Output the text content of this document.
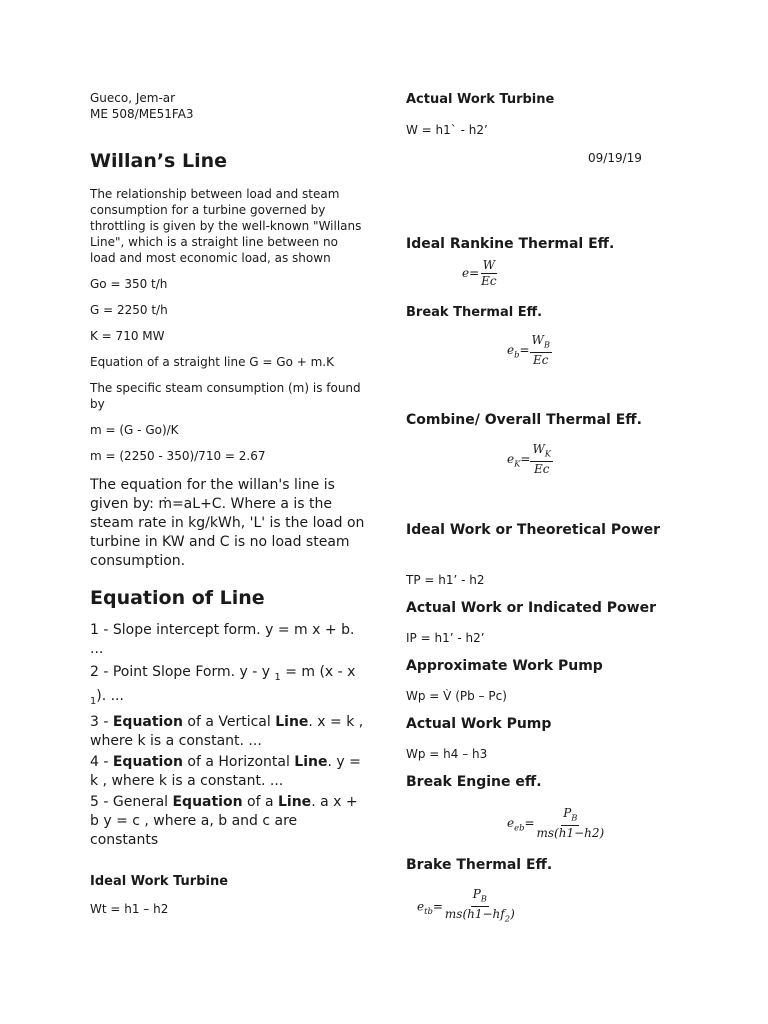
Gueco, Jem-ar

ME 508/ME51FA3

Willan’s Line

The relationship between load and steam consumption for a turbine governed by throttling is given by the well-known "Willans Line", which is a straight line between no load and most economic load, as shown

Go = 350 t/h

G = 2250 t/h

K = 710 MW

Equation of a straight line G = Go + m.K

The specific steam consumption (m) is found by

m = (G - Go)/K

m = (2250 - 350)/710 = 2.67

The equation for the willan's line is given by: ṁ=aL+C. Where a is the steam rate in kg/kWh, 'L' is the load on turbine in KW and C is no load steam consumption.

Equation of Line

1 - Slope intercept form. y = m x + b. ...

2 - Point Slope Form. y - y $_1$ = m (x - x $_1$). ...

3 - Equation of a Vertical Line. x = k , where k is a constant. ...

4 - Equation of a Horizontal Line. y = k , where k is a constant. ...

5 - General Equation of a Line. a x + b y = c , where a, b and c are constants

Ideal Work Turbine

Wt = h1 – h2

Actual Work Turbine

W = h1` - h2’

09/19/19

Ideal Rankine Thermal Eff.

$e= \frac{W}{Ec}$

Break Thermal Eff.

$e_b= \frac{W_B}{Ec}$

Combine/ Overall Thermal Eff.

$e_K= \frac{W_K}{Ec}$

Ideal Work or Theoretical Power

TP = h1’ - h2

Actual Work or Indicated Power

IP = h1’ - h2’

Approximate Work Pump

Wp = V̀ (Pb – Pc)

Actual Work Pump

Wp = h4 – h3

Break Engine eff.

$e_{eb}= \frac{P_B}{ms(h1-h2)}$

Brake Thermal Eff.

$e_{tb}= \frac{P_B}{ms(h1-hf_2)}$
